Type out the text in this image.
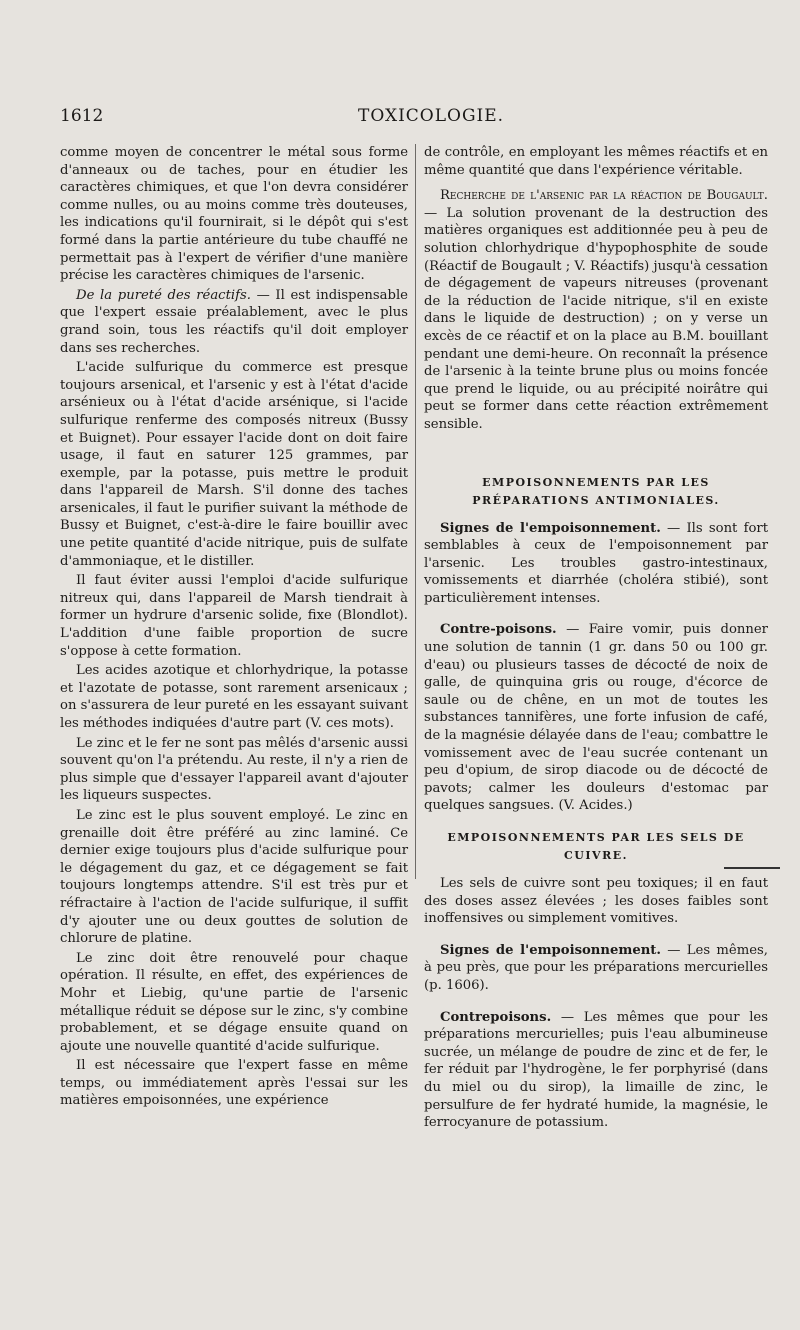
1612	TOXICOLOGIE.

comme moyen de concentrer le métal sous forme d'anneaux ou de taches, pour en étudier les caractères chimiques, et que l'on devra considérer comme nulles, ou au moins comme très douteuses, les indications qu'il fournirait, si le dépôt qui s'est formé dans la partie antérieure du tube chauffé ne permettait pas à l'expert de vérifier d'une manière précise les caractères chimiques de l'arsenic.

De la pureté des réactifs. — Il est indispensable que l'expert essaie préalablement, avec le plus grand soin, tous les réactifs qu'il doit employer dans ses recherches.

L'acide sulfurique du commerce est presque toujours arsenical, et l'arsenic y est à l'état d'acide arsénieux ou à l'état d'acide arsénique, si l'acide sulfurique renferme des composés nitreux (Bussy et Buignet). Pour essayer l'acide dont on doit faire usage, il faut en saturer 125 grammes, par exemple, par la potasse, puis mettre le produit dans l'appareil de Marsh. S'il donne des taches arsenicales, il faut le purifier suivant la méthode de Bussy et Buignet, c'est-à-dire le faire bouillir avec une petite quantité d'acide nitrique, puis de sulfate d'ammoniaque, et le distiller.

Il faut éviter aussi l'emploi d'acide sulfurique nitreux qui, dans l'appareil de Marsh tiendrait à former un hydrure d'arsenic solide, fixe (Blondlot). L'addition d'une faible proportion de sucre s'oppose à cette formation.

Les acides azotique et chlorhydrique, la potasse et l'azotate de potasse, sont rarement arsenicaux ; on s'assurera de leur pureté en les essayant suivant les méthodes indiquées d'autre part (V. ces mots).

Le zinc et le fer ne sont pas mêlés d'arsenic aussi souvent qu'on l'a prétendu. Au reste, il n'y a rien de plus simple que d'essayer l'appareil avant d'ajouter les liqueurs suspectes.

Le zinc est le plus souvent employé. Le zinc en grenaille doit être préféré au zinc laminé. Ce dernier exige toujours plus d'acide sulfurique pour le dégagement du gaz, et ce dégagement se fait toujours longtemps attendre. S'il est très pur et réfractaire à l'action de l'acide sulfurique, il suffit d'y ajouter une ou deux gouttes de solution de chlorure de platine.

Le zinc doit être renouvelé pour chaque opération. Il résulte, en effet, des expériences de Mohr et Liebig, qu'une partie de l'arsenic métallique réduit se dépose sur le zinc, s'y combine probablement, et se dégage ensuite quand on ajoute une nouvelle quantité d'acide sulfurique.

Il est nécessaire que l'expert fasse en même temps, ou immédiatement après l'essai sur les matières empoisonnées, une expérience

de contrôle, en employant les mêmes réactifs et en même quantité que dans l'expérience véritable.

Recherche de l'arsenic par la réaction de Bougault. — La solution provenant de la destruction des matières organiques est additionnée peu à peu de solution chlorhydrique d'hypophosphite de soude (Réactif de Bougault ; V. Réactifs) jusqu'à cessation de dégagement de vapeurs nitreuses (provenant de la réduction de l'acide nitrique, s'il en existe dans le liquide de destruction) ; on y verse un excès de ce réactif et on la place au B.M. bouillant pendant une demi-heure. On reconnaît la présence de l'arsenic à la teinte brune plus ou moins foncée que prend le liquide, ou au précipité noirâtre qui peut se former dans cette réaction extrêmement sensible.

EMPOISONNEMENTS PAR LES PRÉPARATIONS ANTIMONIALES.

Signes de l'empoisonnement. — Ils sont fort semblables à ceux de l'empoisonnement par l'arsenic. Les troubles gastro-intestinaux, vomissements et diarrhée (choléra stibié), sont particulièrement intenses.

Contre-poisons. — Faire vomir, puis donner une solution de tannin (1 gr. dans 50 ou 100 gr. d'eau) ou plusieurs tasses de décocté de noix de galle, de quinquina gris ou rouge, d'écorce de saule ou de chêne, en un mot de toutes les substances tannifères, une forte infusion de café, de la magnésie délayée dans de l'eau; combattre le vomissement avec de l'eau sucrée contenant un peu d'opium, de sirop diacode ou de décocté de pavots; calmer les douleurs d'estomac par quelques sangsues. (V. Acides.)

EMPOISONNEMENTS PAR LES SELS DE CUIVRE.

Les sels de cuivre sont peu toxiques; il en faut des doses assez élevées ; les doses faibles sont inoffensives ou simplement vomitives.

Signes de l'empoisonnement. — Les mêmes, à peu près, que pour les préparations mercurielles (p. 1606).

Contrepoisons. — Les mêmes que pour les préparations mercurielles; puis l'eau albumineuse sucrée, un mélange de poudre de zinc et de fer, le fer réduit par l'hydrogène, le fer porphyrisé (dans du miel ou du sirop), la limaille de zinc, le persulfure de fer hydraté humide, la magnésie, le ferrocyanure de potassium.
